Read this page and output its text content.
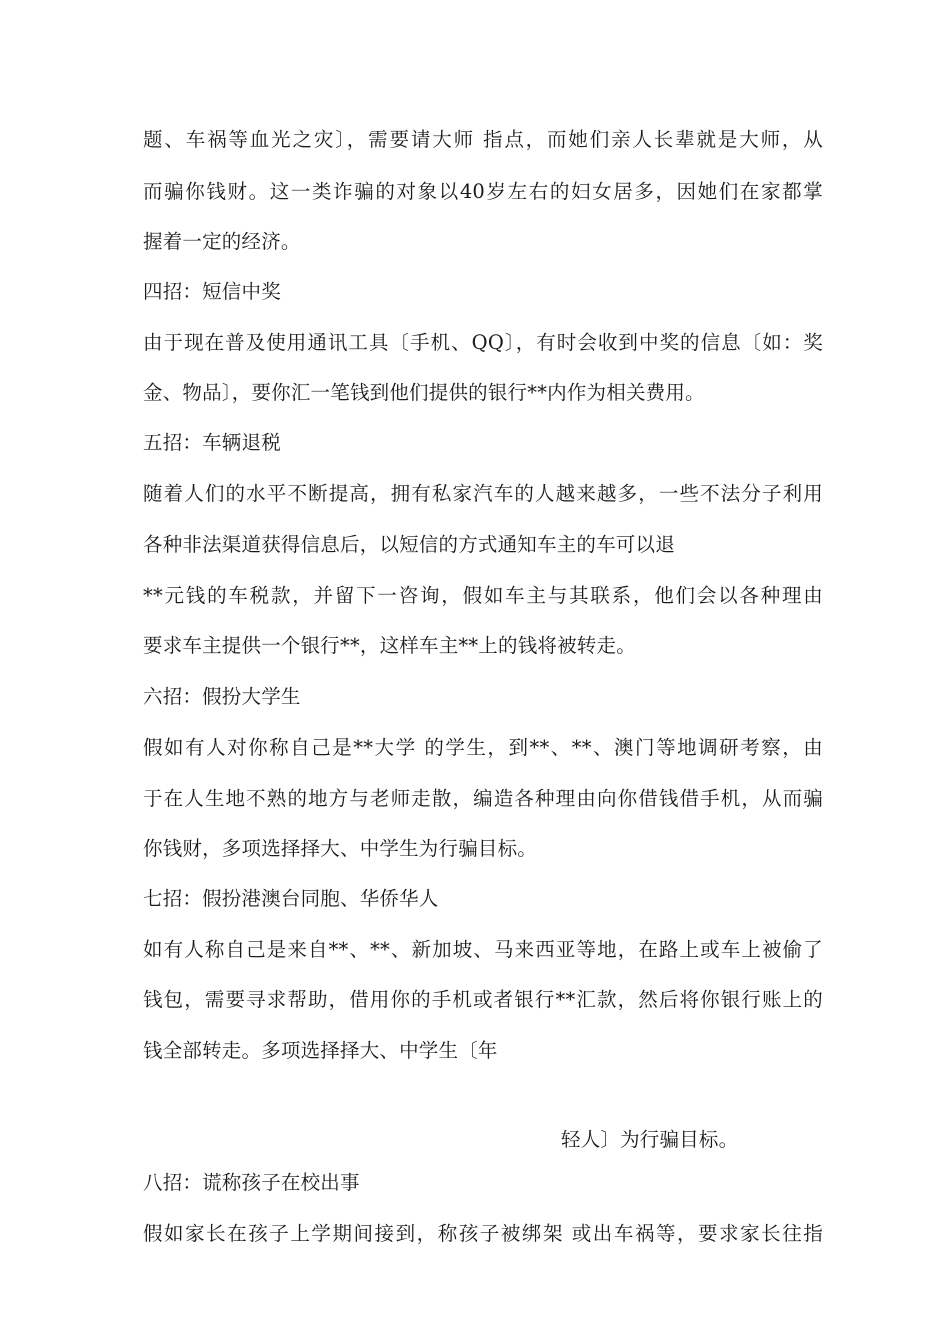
题、车祸等血光之灾〕，需要请大师 指点，而她们亲人长辈就是大师，从
而骗你钱财。这一类诈骗的对象以40岁左右的妇女居多，因她们在家都掌
握着一定的经济。
四招：短信中奖
由于现在普及使用通讯工具〔手机、QQ〕，有时会收到中奖的信息〔如：奖
金、物品〕，要你汇一笔钱到他们提供的银行**内作为相关费用。
五招：车辆退税
随着人们的水平不断提高，拥有私家汽车的人越来越多，一些不法分子利用
各种非法渠道获得信息后，以短信的方式通知车主的车可以退
**元钱的车税款，并留下一咨询，假如车主与其联系，他们会以各种理由
要求车主提供一个银行**，这样车主**上的钱将被转走。
六招：假扮大学生
假如有人对你称自己是**大学 的学生，到**、**、澳门等地调研考察，由
于在人生地不熟的地方与老师走散，编造各种理由向你借钱借手机，从而骗
你钱财，多项选择择大、中学生为行骗目标。
七招：假扮港澳台同胞、华侨华人
如有人称自己是来自**、**、新加坡、马来西亚等地，在路上或车上被偷了
钱包，需要寻求帮助，借用你的手机或者银行**汇款，然后将你银行账上的
钱全部转走。多项选择择大、中学生〔年
轻人〕为行骗目标。
八招：谎称孩子在校出事
假如家长在孩子上学期间接到，称孩子被绑架 或出车祸等，要求家长往指
